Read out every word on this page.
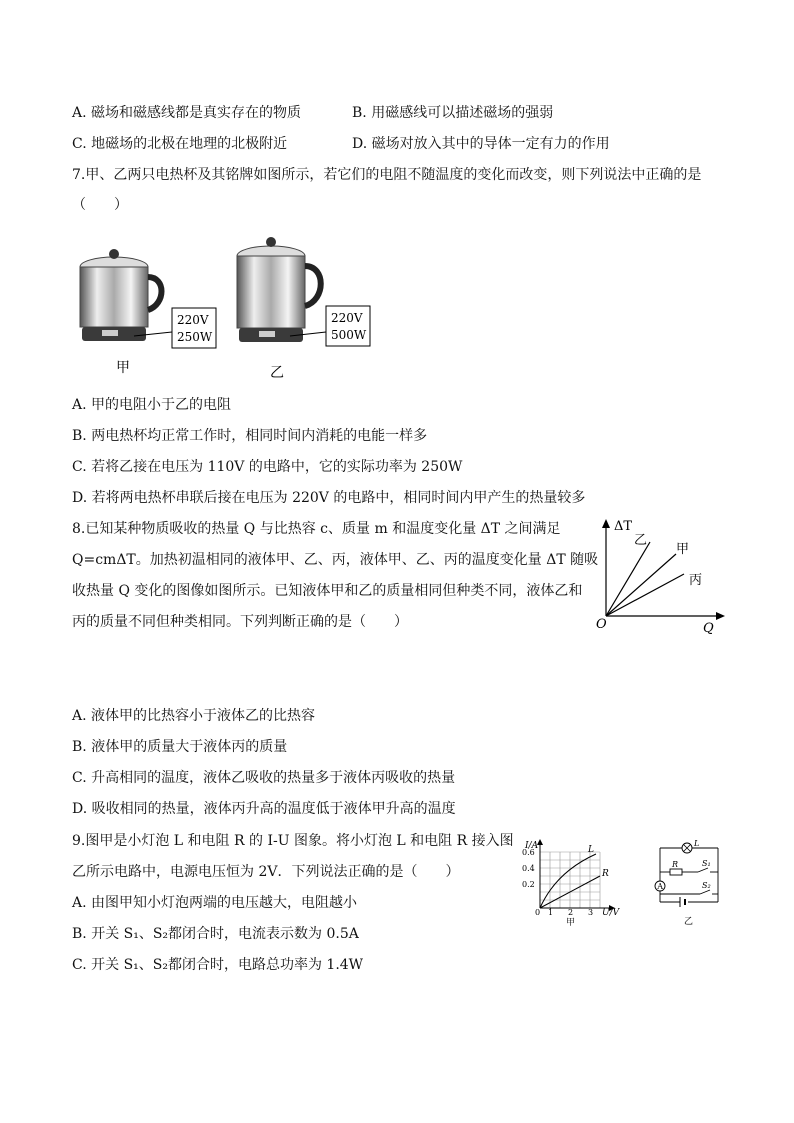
A. 磁场和磁感线都是真实存在的物质	B. 用磁感线可以描述磁场的强弱
C. 地磁场的北极在地理的北极附近	D. 磁场对放入其中的导体一定有力的作用
7.甲、乙两只电热杯及其铭牌如图所示，若它们的电阻不随温度的变化而改变，则下列说法中正确的是
（　　）
220V
250W
甲
220V
500W
乙
A. 甲的电阻小于乙的电阻
B. 两电热杯均正常工作时，相同时间内消耗的电能一样多
C. 若将乙接在电压为 110V 的电路中，它的实际功率为 250W
D. 若将两电热杯串联后接在电压为 220V 的电路中，相同时间内甲产生的热量较多
8.已知某种物质吸收的热量 Q 与比热容 c、质量 m 和温度变化量 ΔT 之间满足
Q=cmΔT。加热初温相同的液体甲、乙、丙，液体甲、乙、丙的温度变化量 ΔT 随吸
收热量 Q 变化的图像如图所示。已知液体甲和乙的质量相同但种类不同，液体乙和
丙的质量不同但种类相同。下列判断正确的是（　　）
ΔT
Q
O
乙
甲
丙
A. 液体甲的比热容小于液体乙的比热容
B. 液体甲的质量大于液体丙的质量
C. 升高相同的温度，液体乙吸收的热量多于液体丙吸收的热量
D. 吸收相同的热量，液体丙升高的温度低于液体甲升高的温度
9.图甲是小灯泡 L 和电阻 R 的 I-U 图象。将小灯泡 L 和电阻 R 接入图
乙所示电路中，电源电压恒为 2V．下列说法正确的是（　　）
I/A
U/V
0.6
0.4
0.2
0 1 2 3
L
R
甲
A
L
R	S₁
S₂
乙
A. 由图甲知小灯泡两端的电压越大，电阻越小
B. 开关 S₁、S₂都闭合时，电流表示数为 0.5A
C. 开关 S₁、S₂都闭合时，电路总功率为 1.4W
